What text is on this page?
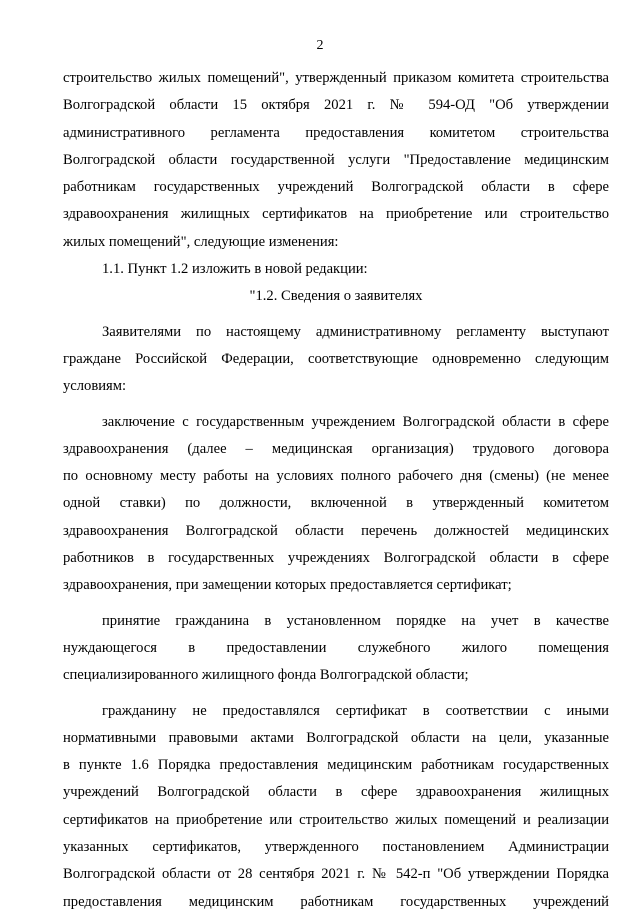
2
строительство жилых помещений", утвержденный приказом комитета строительства
Волгоградской области 15 октября 2021 г. № 594-ОД "Об утверждении
административного регламента предоставления комитетом строительства
Волгоградской области государственной услуги "Предоставление медицинским
работникам государственных учреждений Волгоградской области в сфере
здравоохранения жилищных сертификатов на приобретение или строительство
жилых помещений", следующие изменения:
1.1. Пункт 1.2 изложить в новой редакции:
"1.2. Сведения о заявителях
Заявителями по настоящему административному регламенту выступают
граждане Российской Федерации, соответствующие одновременно следующим
условиям:
заключение с государственным учреждением Волгоградской области в сфере
здравоохранения (далее – медицинская организация) трудового договора
по основному месту работы на условиях полного рабочего дня (смены) (не менее
одной ставки) по должности, включенной в утвержденный комитетом
здравоохранения Волгоградской области перечень должностей медицинских
работников в государственных учреждениях Волгоградской области в сфере
здравоохранения, при замещении которых предоставляется сертификат;
принятие гражданина в установленном порядке на учет в качестве
нуждающегося в предоставлении служебного жилого помещения
специализированного жилищного фонда Волгоградской области;
гражданину не предоставлялся сертификат в соответствии с иными
нормативными правовыми актами Волгоградской области на цели, указанные
в пункте 1.6 Порядка предоставления медицинским работникам государственных
учреждений Волгоградской области в сфере здравоохранения жилищных
сертификатов на приобретение или строительство жилых помещений и реализации
указанных сертификатов, утвержденного постановлением Администрации
Волгоградской области от 28 сентября 2021 г. № 542-п "Об утверждении Порядка
предоставления медицинским работникам государственных учреждений
